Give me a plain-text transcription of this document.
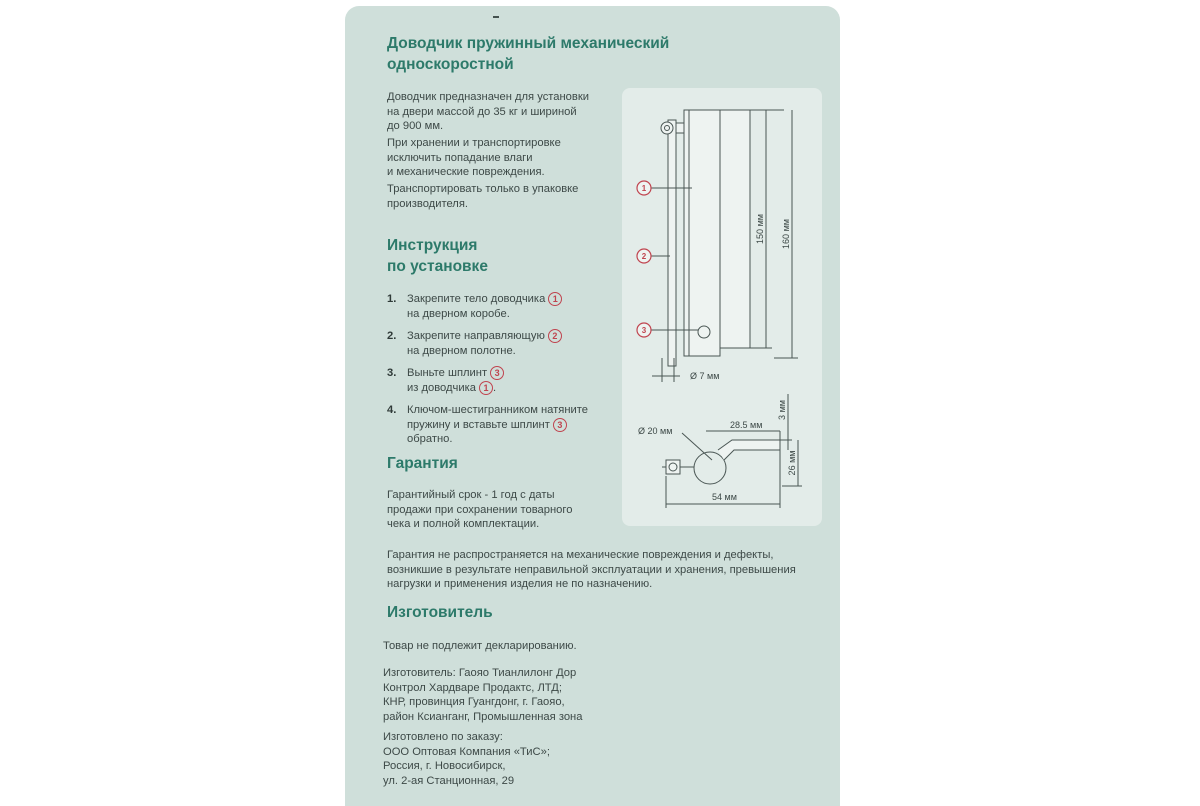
Доводчик пружинный механический односкоростной
Доводчик предназначен для установки
на двери массой до 35 кг и шириной
до 900 мм.
При хранении и транспортировке
исключить попадание влаги
и механические повреждения.
Транспортировать только в упаковке
производителя.
Инструкция
по установке
1. Закрепите тело доводчика 1
на дверном коробе.
2. Закрепите направляющую 2
на дверном полотне.
3. Выньте шплинт 3
из доводчика 1 .
4. Ключом-шестигранником натяните
пружину и вставьте шплинт 3
обратно.
Гарантия
Гарантийный срок - 1 год с даты
продажи при сохранении товарного
чека и полной комплектации.
Гарантия не распространяется на механические повреждения и дефекты,
возникшие в результате неправильной эксплуатации и хранения, превышения
нагрузки и применения изделия не по назначению.
Изготовитель
Товар не подлежит декларированию.
Изготовитель: Гаояо Тианлилонг Дор
Контрол Хардваре Продактс, ЛТД;
КНР, провинция Гуангдонг, г. Гаояо,
район Ксианганг, Промышленная зона
Изготовлено по заказу:
ООО Оптовая Компания «ТиС»;
Россия, г. Новосибирск,
ул. 2-ая Станционная, 29
1
2
3
150 мм 160 мм
Ø 7 мм
Ø 20 мм
28.5 мм
3 мм
26 мм
54 мм
